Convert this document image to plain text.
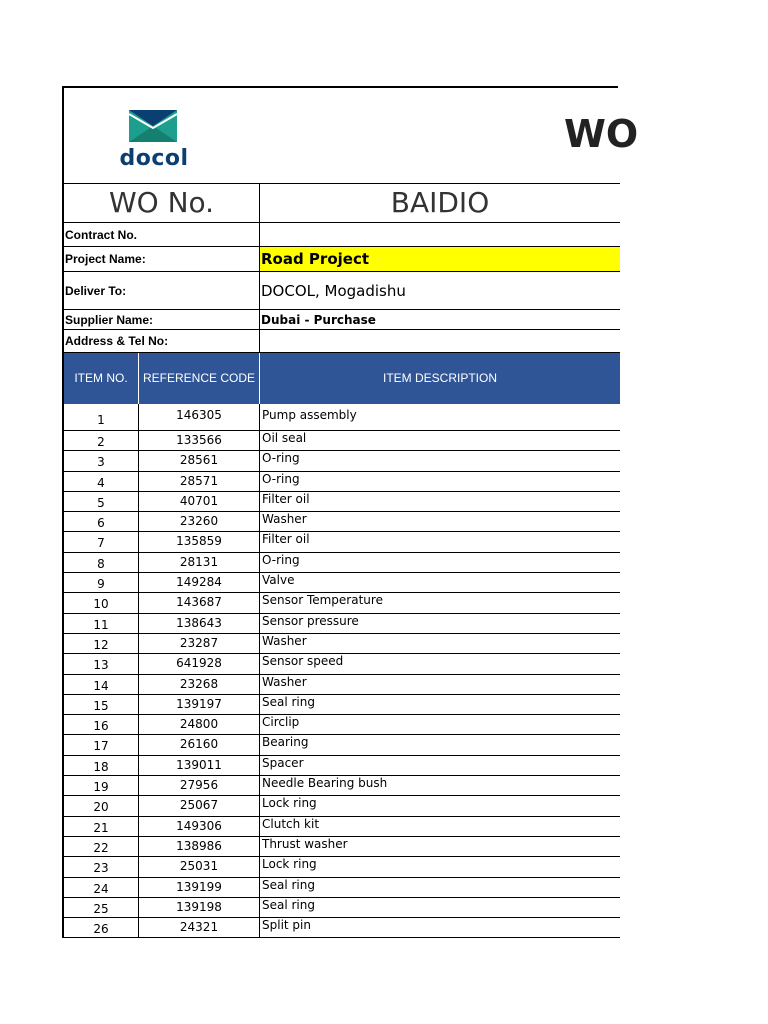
docol
WO
WO No.	BAIDIO
Contract No.
Project Name:	Road Project
Deliver To:	DOCOL, Mogadishu
Supplier Name:	Dubai - Purchase
Address & Tel No:
ITEM NO.	REFERENCE CODE	ITEM DESCRIPTION
1	146305	Pump assembly
2	133566	Oil seal
3	28561	O-ring
4	28571	O-ring
5	40701	Filter oil
6	23260	Washer
7	135859	Filter oil
8	28131	O-ring
9	149284	Valve
10	143687	Sensor Temperature
11	138643	Sensor pressure
12	23287	Washer
13	641928	Sensor speed
14	23268	Washer
15	139197	Seal ring
16	24800	Circlip
17	26160	Bearing
18	139011	Spacer
19	27956	Needle Bearing bush
20	25067	Lock ring
21	149306	Clutch kit
22	138986	Thrust washer
23	25031	Lock ring
24	139199	Seal ring
25	139198	Seal ring
26	24321	Split pin
